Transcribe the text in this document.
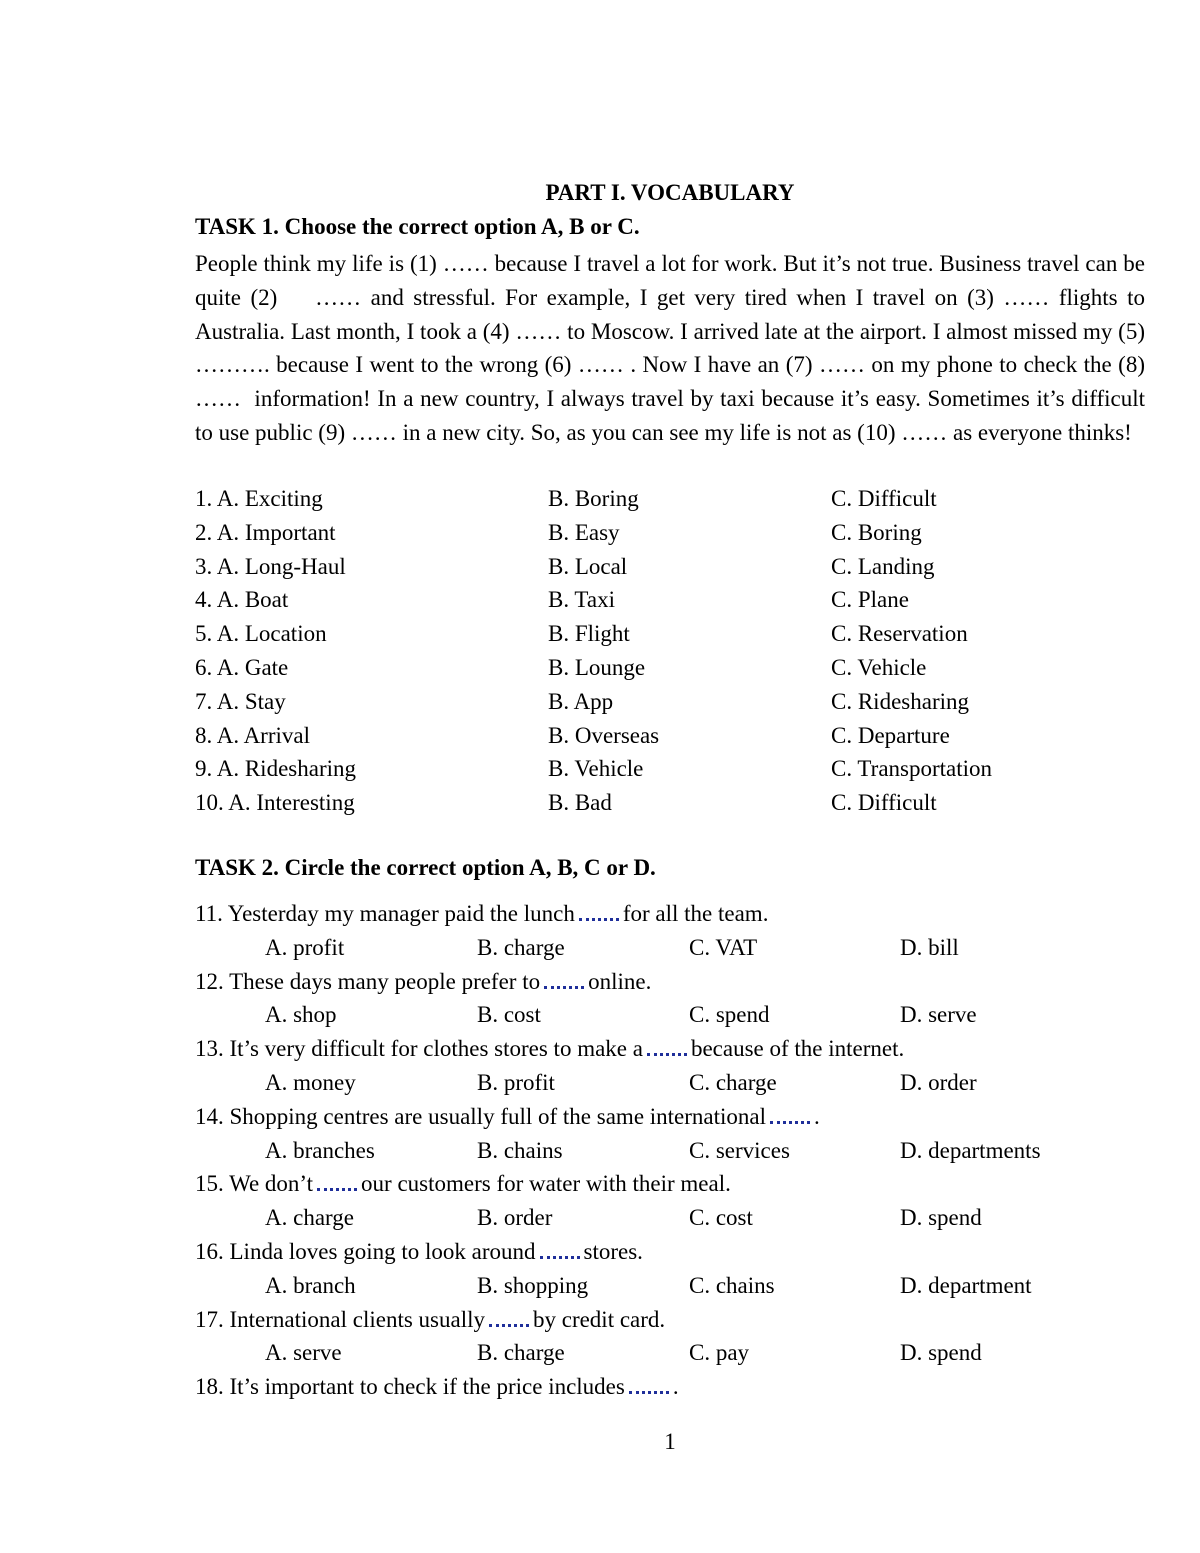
PART I. VOCABULARY
TASK 1. Choose the correct option A, B or C.
People think my life is (1) …… because I travel a lot for work. But it’s not true. Business travel can be quite (2)    …… and stressful. For example, I get very tired when I travel on (3) …… flights to Australia. Last month, I took a (4) …… to Moscow. I arrived late at the airport. I almost missed my (5) ………. because I went to the wrong (6) …… . Now I have an (7) …… on my phone to check the (8) ……  information! In a new country, I always travel by taxi because it’s easy. Sometimes it’s difficult to use public (9) …… in a new city. So, as you can see my life is not as (10) …… as everyone thinks!
1. A. Exciting	B. Boring	C. Difficult
2. A. Important	B. Easy	C. Boring
3. A. Long-Haul	B. Local	C. Landing
4. A. Boat	B. Taxi	C. Plane
5. A. Location	B. Flight	C. Reservation
6. A. Gate	B. Lounge	C. Vehicle
7. A. Stay	B. App	C. Ridesharing
8. A. Arrival	B. Overseas	C. Departure
9. A. Ridesharing	B. Vehicle	C. Transportation
10. A. Interesting	B. Bad	C. Difficult
TASK 2. Circle the correct option A, B, C or D.
11. Yesterday my manager paid the lunch for all the team.
A. profit	B. charge	C. VAT	D. bill
12. These days many people prefer to online.
A. shop	B. cost	C. spend	D. serve
13. It’s very difficult for clothes stores to make a because of the internet.
A. money	B. profit	C. charge	D. order
14. Shopping centres are usually full of the same international .
A. branches	B. chains	C. services	D. departments
15. We don’t our customers for water with their meal.
A. charge	B. order	C. cost	D. spend
16. Linda loves going to look around stores.
A. branch	B. shopping	C. chains	D. department
17. International clients usually by credit card.
A. serve	B. charge	C. pay	D. spend
18. It’s important to check if the price includes .
1
